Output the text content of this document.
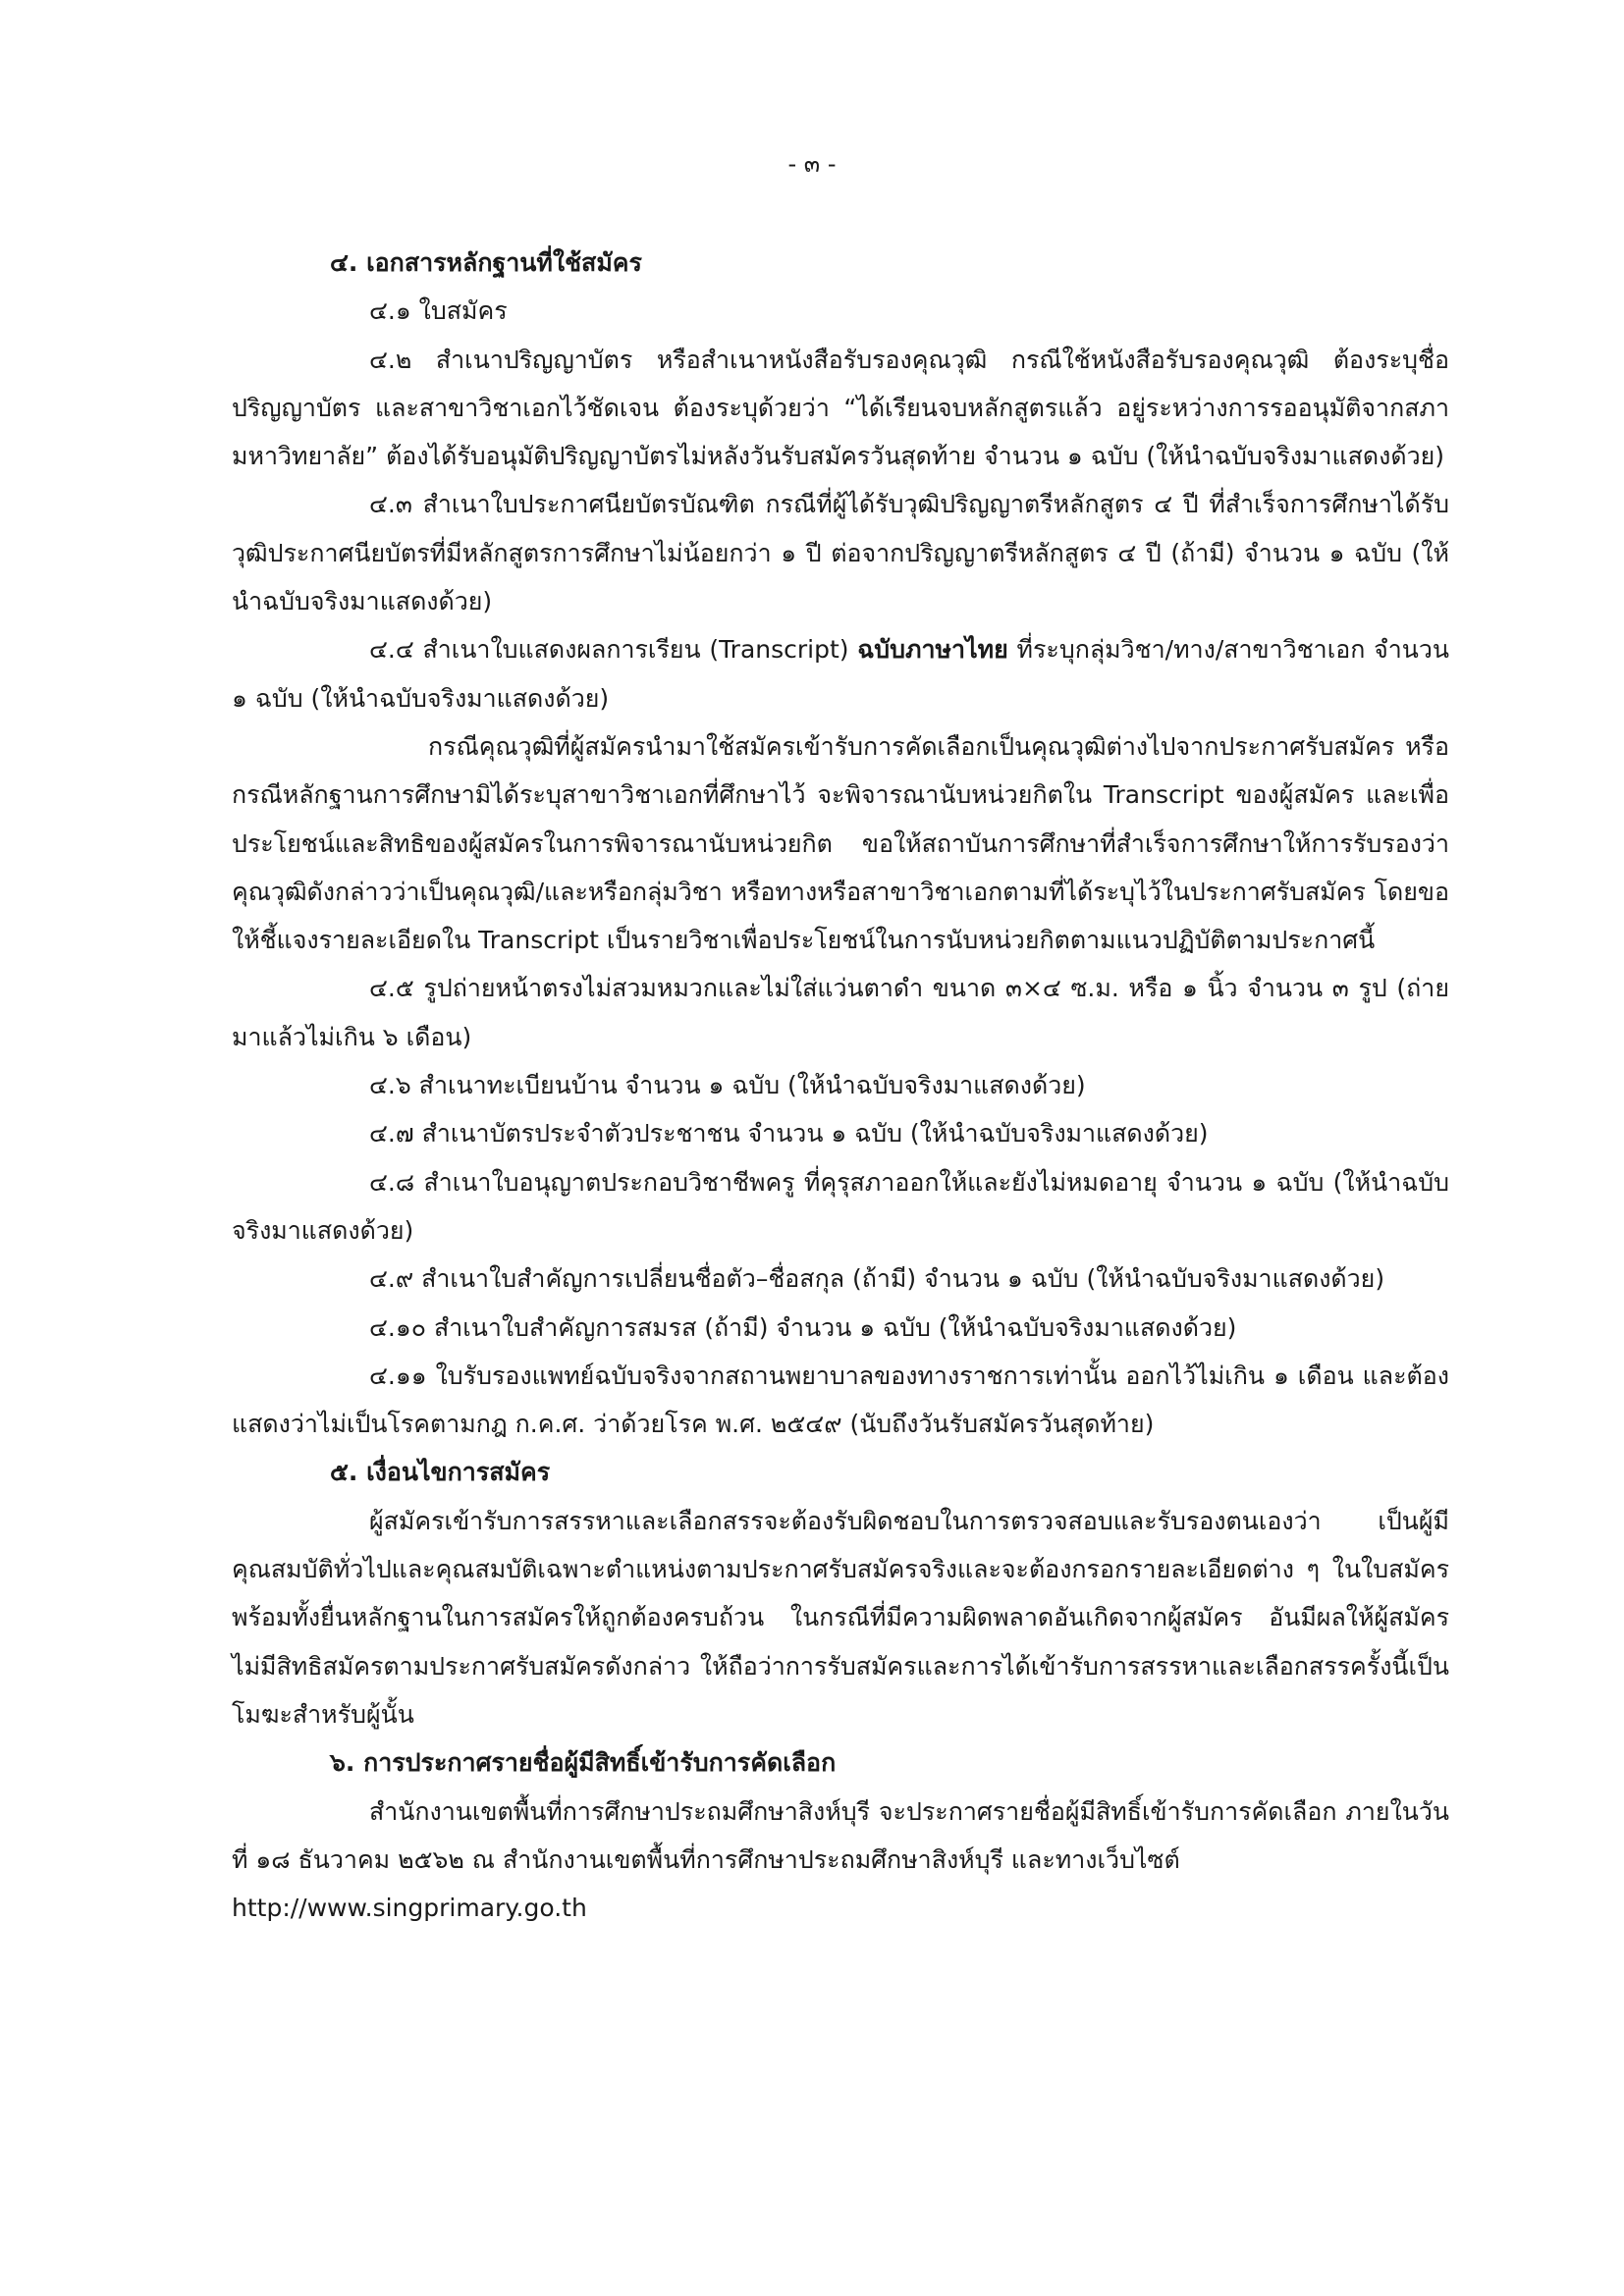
- ๓ -

๔. เอกสารหลักฐานที่ใช้สมัคร

๔.๑ ใบสมัคร

๔.๒ สำเนาปริญญาบัตร หรือสำเนาหนังสือรับรองคุณวุฒิ กรณีใช้หนังสือรับรองคุณวุฒิ ต้องระบุชื่อปริญญาบัตร และสาขาวิชาเอกไว้ชัดเจน ต้องระบุด้วยว่า “ได้เรียนจบหลักสูตรแล้ว อยู่ระหว่างการรออนุมัติจากสภามหาวิทยาลัย” ต้องได้รับอนุมัติปริญญาบัตรไม่หลังวันรับสมัครวันสุดท้าย จำนวน ๑ ฉบับ (ให้นำฉบับจริงมาแสดงด้วย)

๔.๓ สำเนาใบประกาศนียบัตรบัณฑิต กรณีที่ผู้ได้รับวุฒิปริญญาตรีหลักสูตร ๔ ปี ที่สำเร็จการศึกษาได้รับวุฒิประกาศนียบัตรที่มีหลักสูตรการศึกษาไม่น้อยกว่า ๑ ปี ต่อจากปริญญาตรีหลักสูตร ๔ ปี (ถ้ามี) จำนวน ๑ ฉบับ (ให้นำฉบับจริงมาแสดงด้วย)

๔.๔ สำเนาใบแสดงผลการเรียน (Transcript) ฉบับภาษาไทย ที่ระบุกลุ่มวิชา/ทาง/สาขาวิชาเอก จำนวน ๑ ฉบับ (ให้นำฉบับจริงมาแสดงด้วย)

กรณีคุณวุฒิที่ผู้สมัครนำมาใช้สมัครเข้ารับการคัดเลือกเป็นคุณวุฒิต่างไปจากประกาศรับสมัคร หรือกรณีหลักฐานการศึกษามิได้ระบุสาขาวิชาเอกที่ศึกษาไว้ จะพิจารณานับหน่วยกิตใน Transcript ของผู้สมัคร และเพื่อประโยชน์และสิทธิของผู้สมัครในการพิจารณานับหน่วยกิต ขอให้สถาบันการศึกษาที่สำเร็จการศึกษาให้การรับรองว่าคุณวุฒิดังกล่าวว่าเป็นคุณวุฒิ/และหรือกลุ่มวิชา หรือทางหรือสาขาวิชาเอกตามที่ได้ระบุไว้ในประกาศรับสมัคร โดยขอให้ชี้แจงรายละเอียดใน Transcript เป็นรายวิชาเพื่อประโยชน์ในการนับหน่วยกิตตามแนวปฏิบัติตามประกาศนี้

๔.๕ รูปถ่ายหน้าตรงไม่สวมหมวกและไม่ใส่แว่นตาดำ ขนาด ๓×๔ ซ.ม. หรือ ๑ นิ้ว จำนวน ๓ รูป (ถ่ายมาแล้วไม่เกิน ๖ เดือน)

๔.๖ สำเนาทะเบียนบ้าน จำนวน ๑ ฉบับ (ให้นำฉบับจริงมาแสดงด้วย)

๔.๗ สำเนาบัตรประจำตัวประชาชน จำนวน ๑ ฉบับ (ให้นำฉบับจริงมาแสดงด้วย)

๔.๘ สำเนาใบอนุญาตประกอบวิชาชีพครู ที่คุรุสภาออกให้และยังไม่หมดอายุ จำนวน ๑ ฉบับ (ให้นำฉบับจริงมาแสดงด้วย)

๔.๙ สำเนาใบสำคัญการเปลี่ยนชื่อตัว–ชื่อสกุล (ถ้ามี) จำนวน ๑ ฉบับ (ให้นำฉบับจริงมาแสดงด้วย)

๔.๑๐ สำเนาใบสำคัญการสมรส (ถ้ามี) จำนวน ๑ ฉบับ (ให้นำฉบับจริงมาแสดงด้วย)

๔.๑๑ ใบรับรองแพทย์ฉบับจริงจากสถานพยาบาลของทางราชการเท่านั้น ออกไว้ไม่เกิน ๑ เดือน และต้องแสดงว่าไม่เป็นโรคตามกฎ ก.ค.ศ. ว่าด้วยโรค พ.ศ. ๒๕๔๙ (นับถึงวันรับสมัครวันสุดท้าย)

๕. เงื่อนไขการสมัคร

ผู้สมัครเข้ารับการสรรหาและเลือกสรรจะต้องรับผิดชอบในการตรวจสอบและรับรองตนเองว่า เป็นผู้มีคุณสมบัติทั่วไปและคุณสมบัติเฉพาะตำแหน่งตามประกาศรับสมัครจริงและจะต้องกรอกรายละเอียดต่าง ๆ ในใบสมัคร พร้อมทั้งยื่นหลักฐานในการสมัครให้ถูกต้องครบถ้วน ในกรณีที่มีความผิดพลาดอันเกิดจากผู้สมัคร อันมีผลให้ผู้สมัครไม่มีสิทธิสมัครตามประกาศรับสมัครดังกล่าว ให้ถือว่าการรับสมัครและการได้เข้ารับการสรรหาและเลือกสรรครั้งนี้เป็นโมฆะสำหรับผู้นั้น

๖. การประกาศรายชื่อผู้มีสิทธิ์เข้ารับการคัดเลือก

สำนักงานเขตพื้นที่การศึกษาประถมศึกษาสิงห์บุรี จะประกาศรายชื่อผู้มีสิทธิ์เข้ารับการคัดเลือก ภายในวันที่ ๑๘ ธันวาคม ๒๕๖๒ ณ สำนักงานเขตพื้นที่การศึกษาประถมศึกษาสิงห์บุรี และทางเว็บไซต์

http://www.singprimary.go.th
